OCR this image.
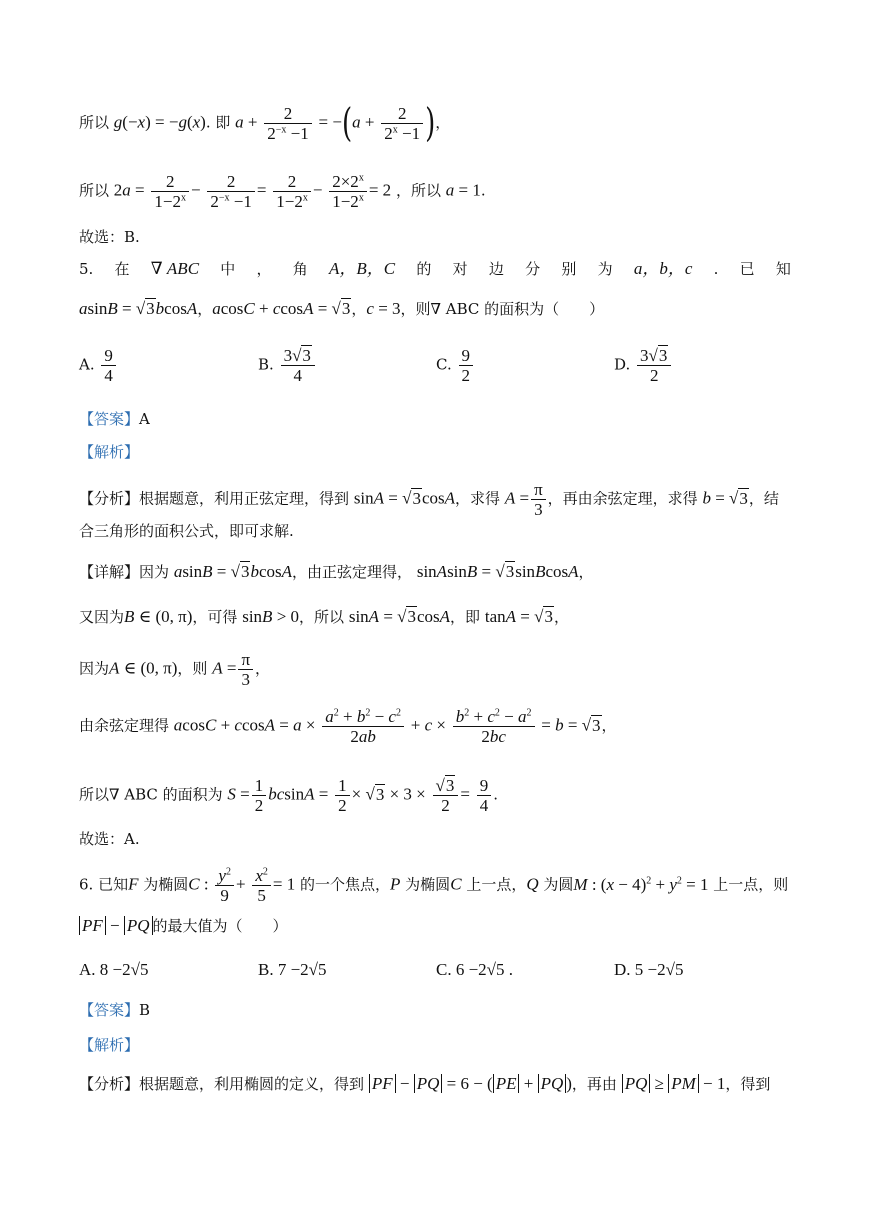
所以 g(−x) = −g(x). 即 $a + \frac{2}{2^{-x} -1} = -(a + \frac{2}{2^x -1}$ )，
所以 $2a = \frac{2}{1-2^x} - \frac{2}{2^{-x} -1} = \frac{2}{1-2^x} - \frac{2\times 2^x}{1-2^x} = 2$ ，所以 a = 1.
故选：B.
5. 在 ∇ ABC 中 ， 角 A，B，C 的 对 边 分 别 为 a，b，c . 已 知
asinB = √3bcosA，acosC + ccosA = √3，c = 3，则∇ ABC 的面积为（　　）
A. $\frac{9}{4}$	B. $\frac{3√3}{4}$	C. $\frac{9}{2}$	D. $\frac{3√3}{2}$
【答案】A
【解析】
【分析】根据题意，利用正弦定理，得到 sinA = √3cosA，求得 $A = \frac{\pi}{3}$ ，再由余弦定理，求得 b = √3，结
合三角形的面积公式，即可求解.
【详解】因为 asinB = √3bcosA，由正弦定理得， sinAsinB = √3sinBcosA，
又因为B ∈ (0, π)，可得 sinB > 0，所以 sinA = √3cosA，即 tanA = √3，
因为A ∈ (0, π)，则 $A = \frac{\pi}{3}$ ，
由余弦定理得 $acosC + ccosA = a \times \frac{a^2 + b^2 - c^2}{2ab} + c \times \frac{b^2 + c^2 - a^2}{2bc} = b = √3$，
所以∇ ABC 的面积为 $S = \frac{1}{2}$ $bcsinA = \frac{1}{2} \times √3 \times 3 \times \frac{√3}{2} = \frac{9}{4}$ .
故选：A.
6. 已知F 为椭圆C : $\frac{y^2}{9} + \frac{x^2}{5} = 1$ 的一个焦点，P 为椭圆C 上一点，Q 为圆M : $(x - 4)^2 + y^2 = 1$ 上一点，则
PF − PQ 的最大值为（　　）
A. 8 −2√5	B. 7 −2√5	C. 6 −2√5 .	D. 5 −2√5
【答案】B
【解析】
【分析】根据题意，利用椭圆的定义，得到 PF − PQ = 6 − ( PE + PQ )，再由 PQ ≥ PM − 1，得到
